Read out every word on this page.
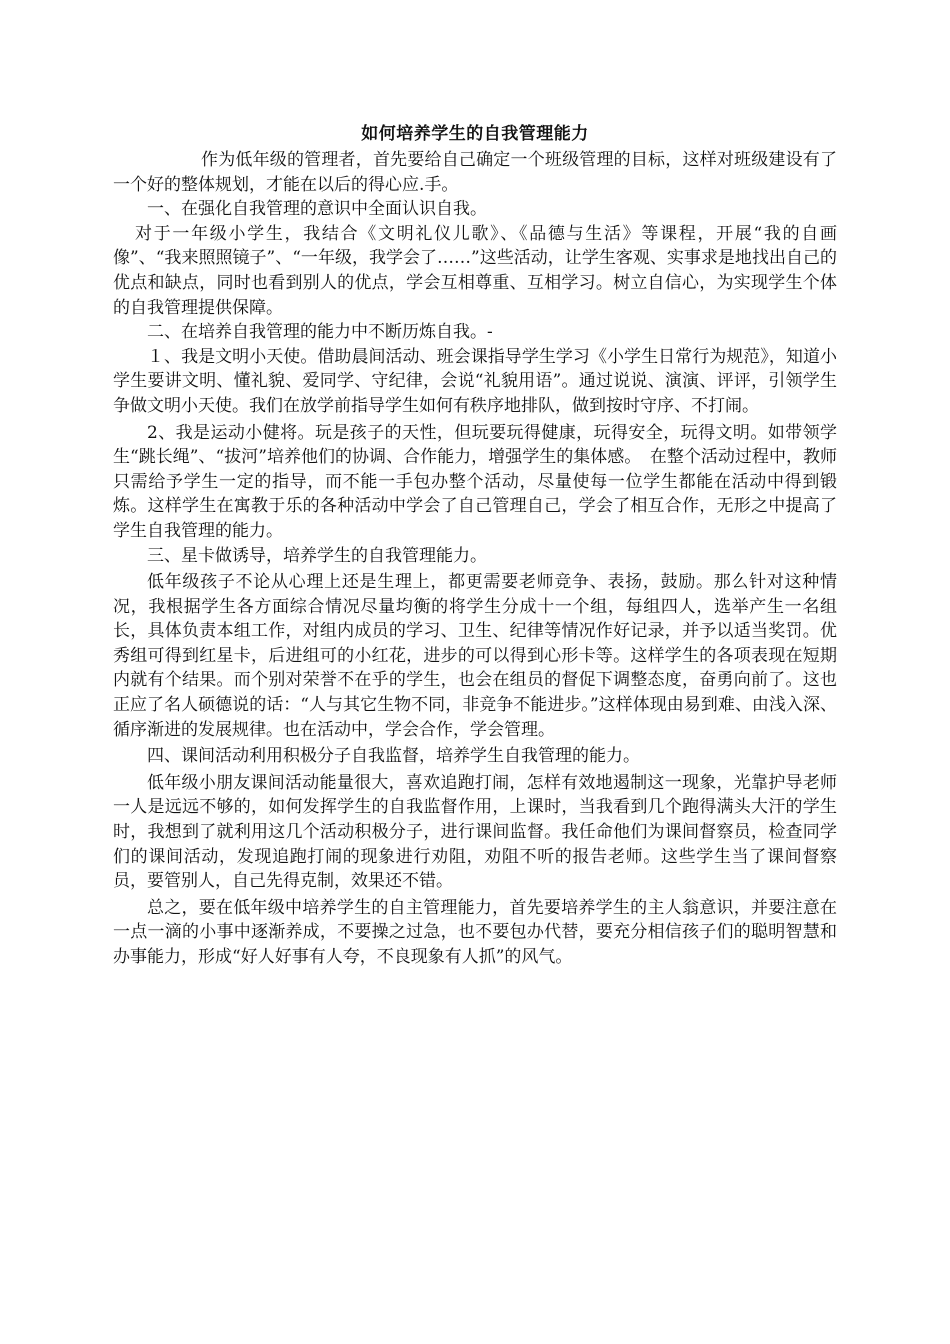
如何培养学生的自我管理能力

作为低年级的管理者，首先要给自己确定一个班级管理的目标，这样对班级建设有了一个好的整体规划，才能在以后的得心应.手。

一、在强化自我管理的意识中全面认识自我。

对于一年级小学生，我结合《文明礼仪儿歌》、《品德与生活》等课程，开展“我的自画像”、“我来照照镜子”、“一年级，我学会了……”这些活动，让学生客观、实事求是地找出自己的优点和缺点，同时也看到别人的优点，学会互相尊重、互相学习。树立自信心，为实现学生个体的自我管理提供保障。

二、在培养自我管理的能力中不断历炼自我。-

１、我是文明小天使。借助晨间活动、班会课指导学生学习《小学生日常行为规范》，知道小学生要讲文明、懂礼貌、爱同学、守纪律，会说“礼貌用语”。通过说说、演演、评评，引领学生争做文明小天使。我们在放学前指导学生如何有秩序地排队，做到按时守序、不打闹。

2、我是运动小健将。玩是孩子的天性，但玩要玩得健康，玩得安全，玩得文明。如带领学生“跳长绳”、“拔河”培养他们的协调、合作能力，增强学生的集体感。　在整个活动过程中，教师只需给予学生一定的指导，而不能一手包办整个活动，尽量使每一位学生都能在活动中得到锻炼。这样学生在寓教于乐的各种活动中学会了自己管理自己，学会了相互合作，无形之中提高了学生自我管理的能力。

三、星卡做诱导，培养学生的自我管理能力。

低年级孩子不论从心理上还是生理上，都更需要老师竞争、表扬，鼓励。那么针对这种情况，我根据学生各方面综合情况尽量均衡的将学生分成十一个组，每组四人，选举产生一名组长，具体负责本组工作，对组内成员的学习、卫生、纪律等情况作好记录，并予以适当奖罚。优秀组可得到红星卡，后进组可的小红花，进步的可以得到心形卡等。这样学生的各项表现在短期内就有个结果。而个别对荣誉不在乎的学生，也会在组员的督促下调整态度，奋勇向前了。这也正应了名人硕德说的话：“人与其它生物不同，非竞争不能进步。”这样体现由易到难、由浅入深、循序渐进的发展规律。也在活动中，学会合作，学会管理。

四、课间活动利用积极分子自我监督，培养学生自我管理的能力。

低年级小朋友课间活动能量很大，喜欢追跑打闹，怎样有效地遏制这一现象，光靠护导老师一人是远远不够的，如何发挥学生的自我监督作用，上课时，当我看到几个跑得满头大汗的学生时，我想到了就利用这几个活动积极分子，进行课间监督。我任命他们为课间督察员，检查同学们的课间活动，发现追跑打闹的现象进行劝阻，劝阻不听的报告老师。这些学生当了课间督察员，要管别人，自己先得克制，效果还不错。

总之，要在低年级中培养学生的自主管理能力，首先要培养学生的主人翁意识，并要注意在一点一滴的小事中逐渐养成，不要操之过急，也不要包办代替，要充分相信孩子们的聪明智慧和办事能力，形成“好人好事有人夸，不良现象有人抓”的风气。
